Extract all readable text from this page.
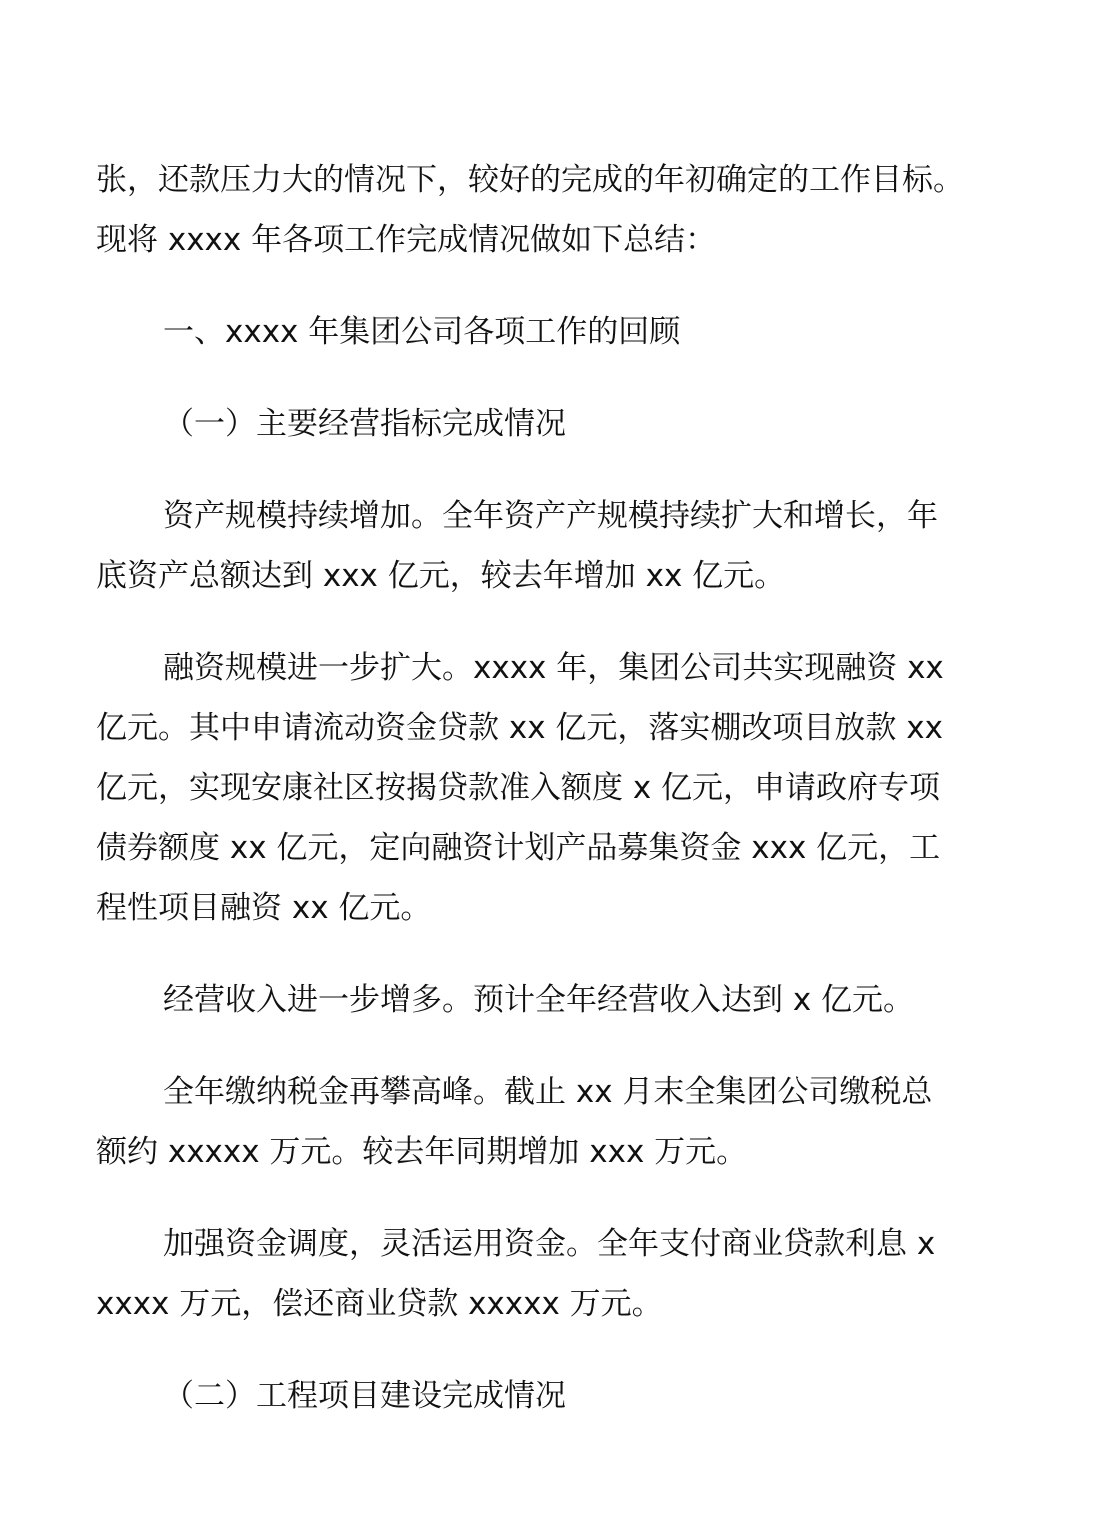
张，还款压力大的情况下，较好的完成的年初确定的工作目标。
现将 xxxx 年各项工作完成情况做如下总结：
一、xxxx 年集团公司各项工作的回顾
（一）主要经营指标完成情况
资产规模持续增加。全年资产产规模持续扩大和增长，年
底资产总额达到 xxx 亿元，较去年增加 xx 亿元。
融资规模进一步扩大。xxxx 年，集团公司共实现融资 xx
亿元。其中申请流动资金贷款 xx 亿元，落实棚改项目放款 xx
亿元，实现安康社区按揭贷款准入额度 x 亿元，申请政府专项
债券额度 xx 亿元，定向融资计划产品募集资金 xxx 亿元，工
程性项目融资 xx 亿元。
经营收入进一步增多。预计全年经营收入达到 x 亿元。
全年缴纳税金再攀高峰。截止 xx 月末全集团公司缴税总
额约 xxxxx 万元。较去年同期增加 xxx 万元。
加强资金调度，灵活运用资金。全年支付商业贷款利息 x
xxxx 万元，偿还商业贷款 xxxxx 万元。
（二）工程项目建设完成情况
